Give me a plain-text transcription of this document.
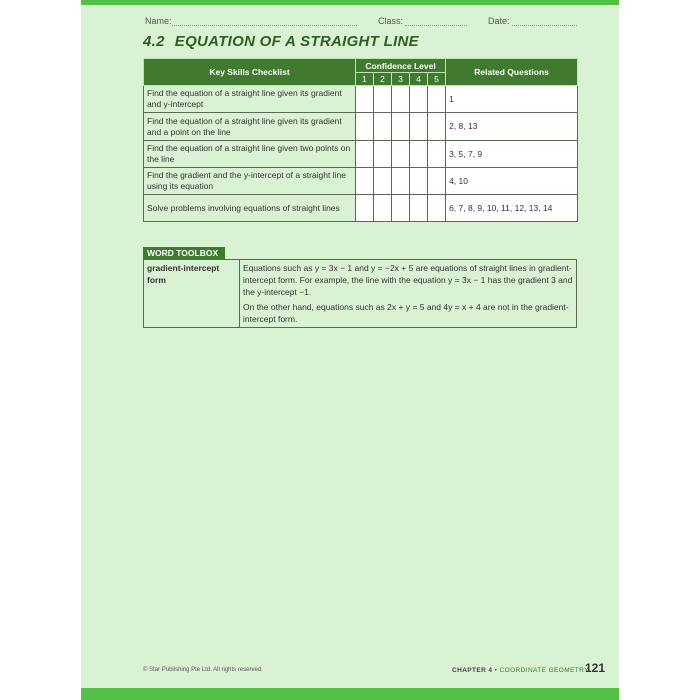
Name:	Class:	Date:
4.2 EQUATION OF A STRAIGHT LINE
Key Skills Checklist	Confidence Level					Related Questions
	1	2	3	4	5	
Find the equation of a straight line given its gradient and y-intercept						1
Find the equation of a straight line given its gradient and a point on the line						2, 8, 13
Find the equation of a straight line given two points on the line						3, 5, 7, 9
Find the gradient and the y-intercept of a straight line using its equation						4, 10
Solve problems involving equations of straight lines						6, 7, 8, 9, 10, 11, 12, 13, 14
WORD TOOLBOX
gradient-intercept form	

Equations such as y = 3x − 1 and y = −2x + 5 are equations of straight lines in gradient-intercept form. For example, the line with the equation y = 3x − 1 has the gradient 3 and the y-intercept −1.

On the other hand, equations such as 2x + y = 5 and 4y = x + 4 are not in the gradient-intercept form.

© Star Publishing Pte Ltd. All rights reserved.	CHAPTER 4 • COORDINATE GEOMETRY
121
